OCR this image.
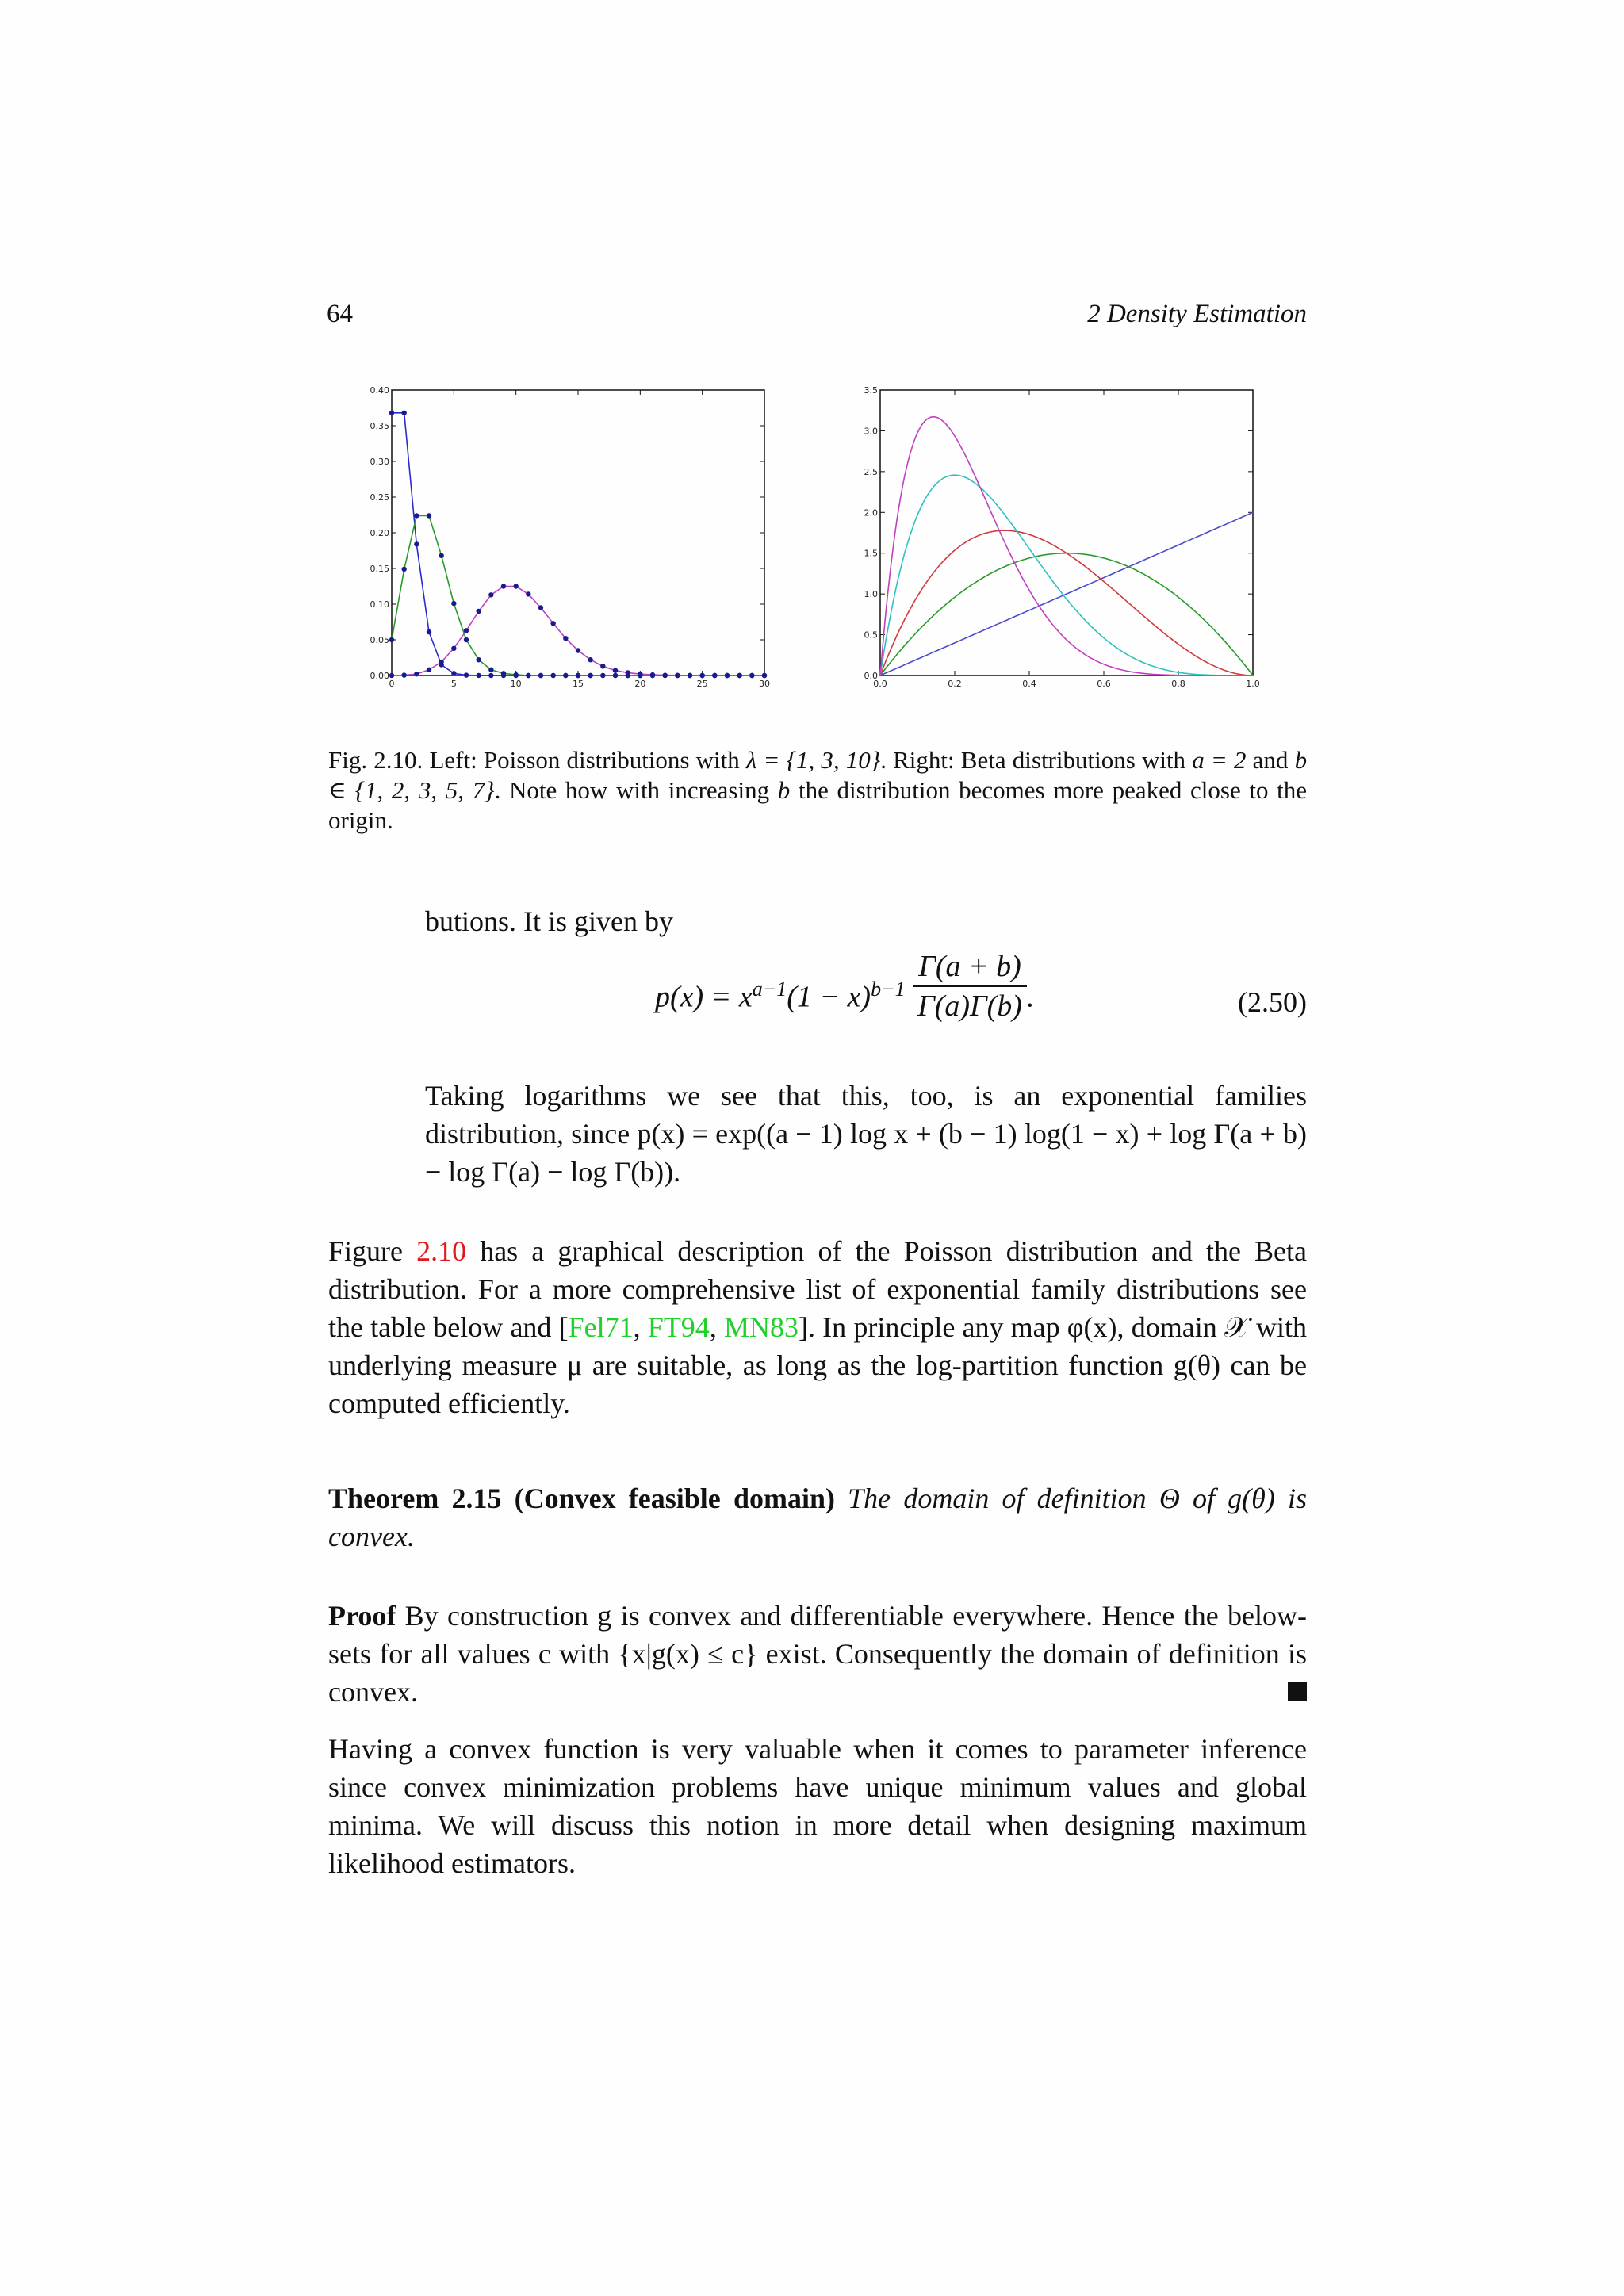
64	2 Density Estimation
0	5	10	15	20	25	30
0.00
0.05
0.10
0.15
0.20
0.25
0.30
0.35
0.40
0.0	0.2	0.4	0.6	0.8	1.0
0.0
0.5
1.0
1.5
2.0
2.5
3.0
3.5
Fig. 2.10. Left: Poisson distributions with λ = {1, 3, 10}. Right: Beta distributions with a = 2 and b ∈ {1, 2, 3, 5, 7}. Note how with increasing b the distribution becomes more peaked close to the origin.
butions. It is given by
$p(x) = x^{a-1}(1 - x)^{b-1} \frac{\Gamma(a + b)}{\Gamma(a)\Gamma(b)}$ .	(2.50)
Taking logarithms we see that this, too, is an exponential families distribution, since p(x) = exp((a − 1) log x + (b − 1) log(1 − x) + log Γ(a + b) − log Γ(a) − log Γ(b)).
Figure 2.10 has a graphical description of the Poisson distribution and the Beta distribution. For a more comprehensive list of exponential family distributions see the table below and [Fel71, FT94, MN83]. In principle any map φ(x), domain 𝒳 with underlying measure μ are suitable, as long as the log-partition function g(θ) can be computed efficiently.
Theorem 2.15 (Convex feasible domain) The domain of definition Θ of g(θ) is convex.
Proof By construction g is convex and differentiable everywhere. Hence the below-sets for all values c with {x|g(x) ≤ c} exist. Consequently the domain of definition is convex.
Having a convex function is very valuable when it comes to parameter inference since convex minimization problems have unique minimum values and global minima. We will discuss this notion in more detail when designing maximum likelihood estimators.
